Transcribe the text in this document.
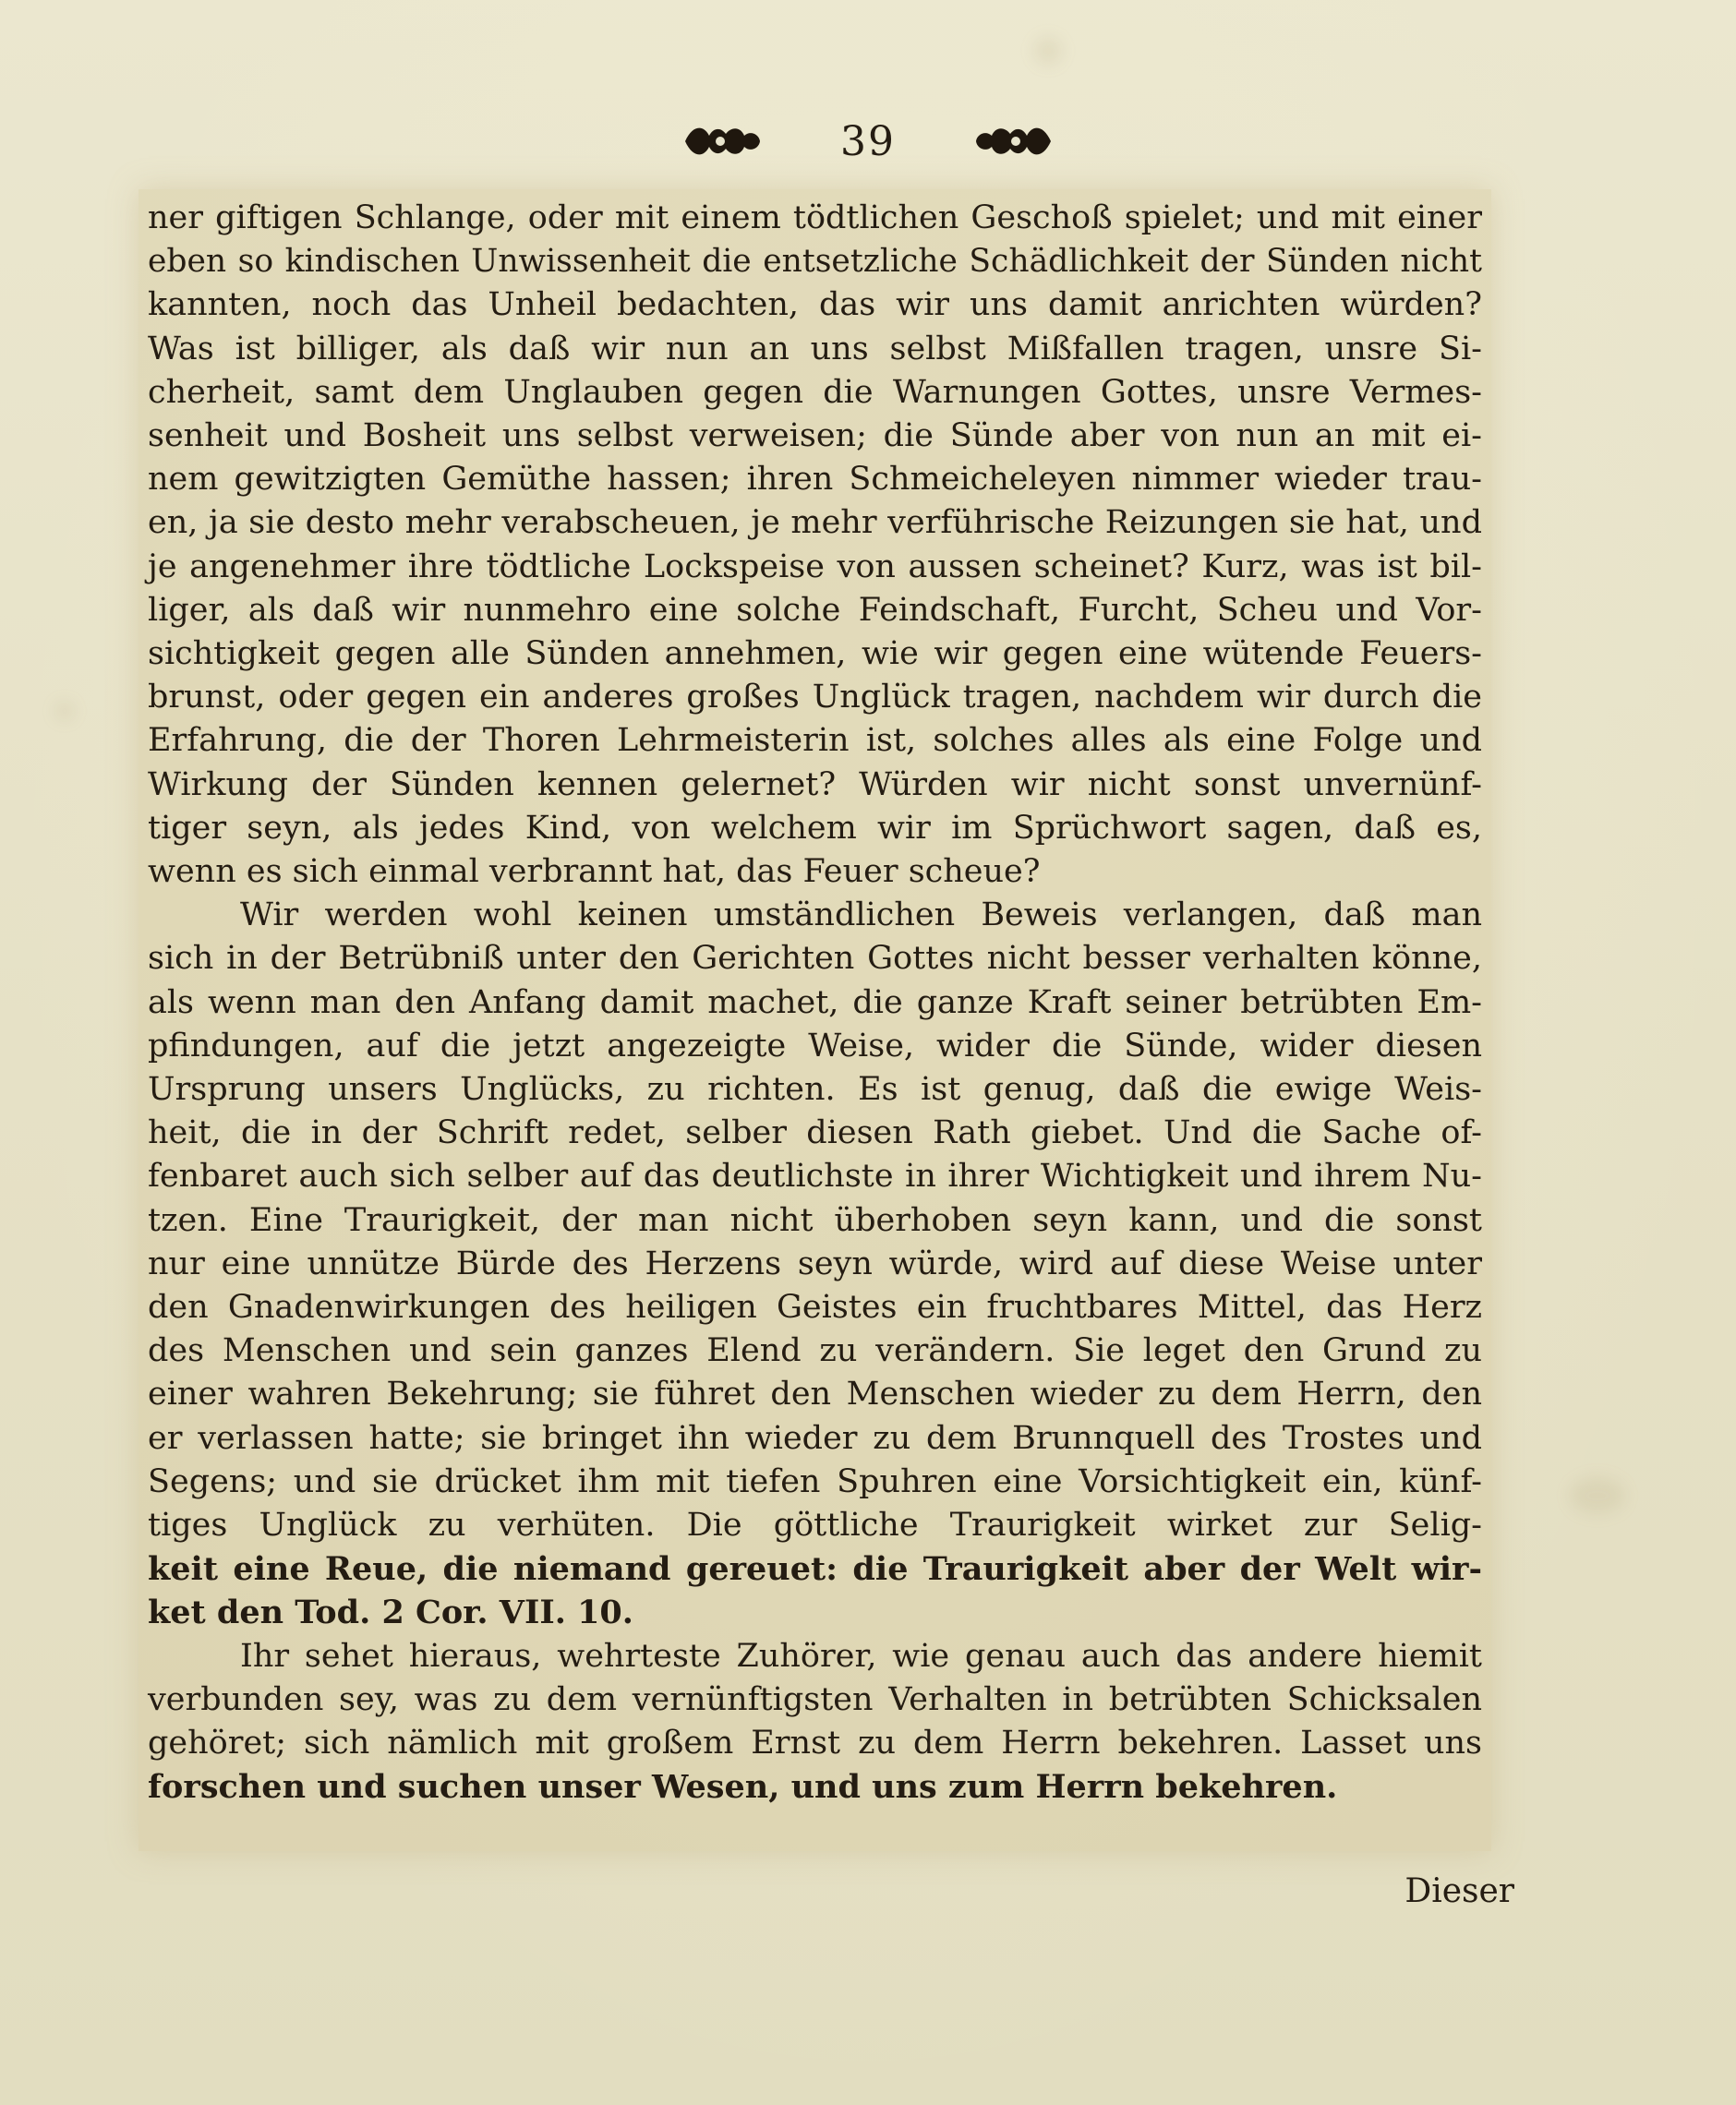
39
ner giftigen Schlange, oder mit einem tödtlichen Geschoß spielet; und mit einer
eben so kindischen Unwissenheit die entsetzliche Schädlichkeit der Sünden nicht
kannten, noch das Unheil bedachten, das wir uns damit anrichten würden?
Was ist billiger, als daß wir nun an uns selbst Mißfallen tragen, unsre Si-
cherheit, samt dem Unglauben gegen die Warnungen Gottes, unsre Vermes-
senheit und Bosheit uns selbst verweisen; die Sünde aber von nun an mit ei-
nem gewitzigten Gemüthe hassen; ihren Schmeicheleyen nimmer wieder trau-
en, ja sie desto mehr verabscheuen, je mehr verführische Reizungen sie hat, und
je angenehmer ihre tödtliche Lockspeise von aussen scheinet? Kurz, was ist bil-
liger, als daß wir nunmehro eine solche Feindschaft, Furcht, Scheu und Vor-
sichtigkeit gegen alle Sünden annehmen, wie wir gegen eine wütende Feuers-
brunst, oder gegen ein anderes großes Unglück tragen, nachdem wir durch die
Erfahrung, die der Thoren Lehrmeisterin ist, solches alles als eine Folge und
Wirkung der Sünden kennen gelernet? Würden wir nicht sonst unvernünf-
tiger seyn, als jedes Kind, von welchem wir im Sprüchwort sagen, daß es,
wenn es sich einmal verbrannt hat, das Feuer scheue?
Wir werden wohl keinen umständlichen Beweis verlangen, daß man
sich in der Betrübniß unter den Gerichten Gottes nicht besser verhalten könne,
als wenn man den Anfang damit machet, die ganze Kraft seiner betrübten Em-
pfindungen, auf die jetzt angezeigte Weise, wider die Sünde, wider diesen
Ursprung unsers Unglücks, zu richten. Es ist genug, daß die ewige Weis-
heit, die in der Schrift redet, selber diesen Rath giebet. Und die Sache of-
fenbaret auch sich selber auf das deutlichste in ihrer Wichtigkeit und ihrem Nu-
tzen. Eine Traurigkeit, der man nicht überhoben seyn kann, und die sonst
nur eine unnütze Bürde des Herzens seyn würde, wird auf diese Weise unter
den Gnadenwirkungen des heiligen Geistes ein fruchtbares Mittel, das Herz
des Menschen und sein ganzes Elend zu verändern. Sie leget den Grund zu
einer wahren Bekehrung; sie führet den Menschen wieder zu dem Herrn, den
er verlassen hatte; sie bringet ihn wieder zu dem Brunnquell des Trostes und
Segens; und sie drücket ihm mit tiefen Spuhren eine Vorsichtigkeit ein, künf-
tiges Unglück zu verhüten. Die göttliche Traurigkeit wirket zur Selig-
keit eine Reue, die niemand gereuet: die Traurigkeit aber der Welt wir-
ket den Tod. 2 Cor. VII. 10.
Ihr sehet hieraus, wehrteste Zuhörer, wie genau auch das andere hiemit
verbunden sey, was zu dem vernünftigsten Verhalten in betrübten Schicksalen
gehöret; sich nämlich mit großem Ernst zu dem Herrn bekehren. Lasset uns
forschen und suchen unser Wesen, und uns zum Herrn bekehren.
Dieser
